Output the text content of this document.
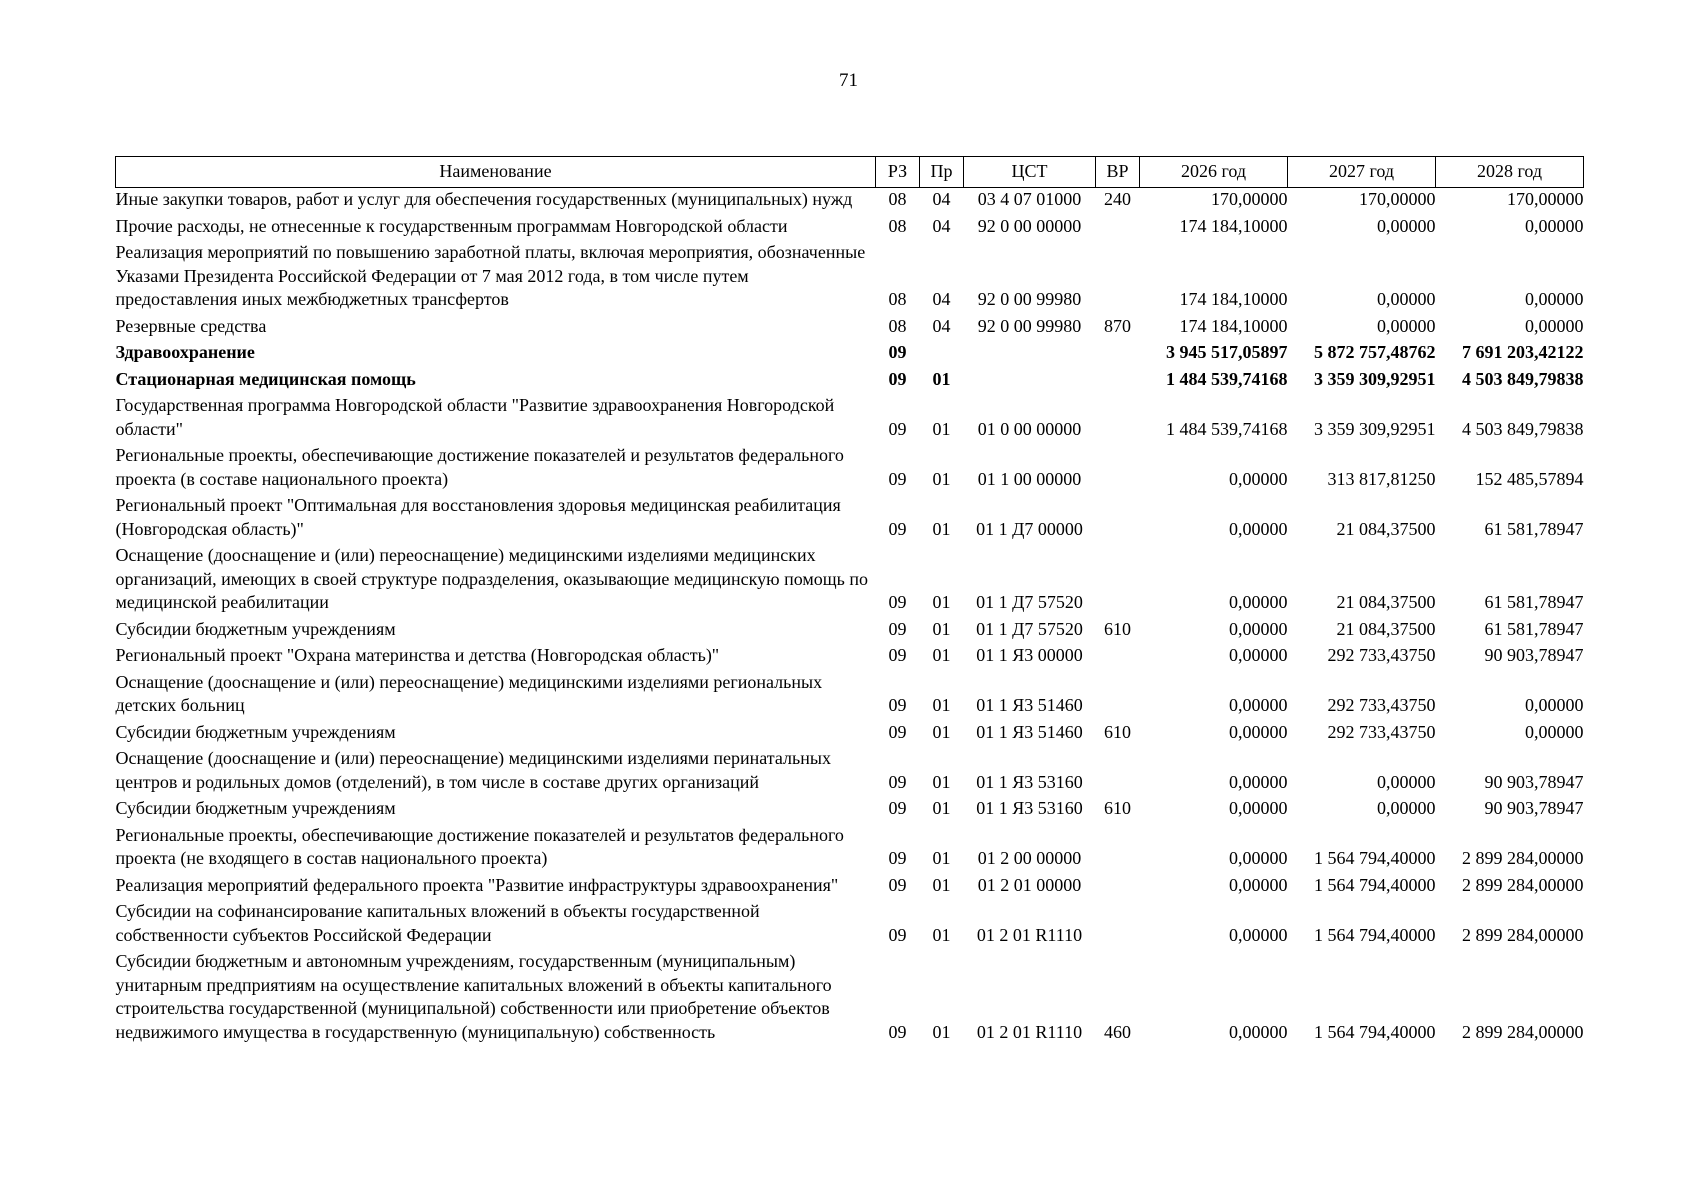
71
Наименование	РЗ	Пр	ЦСТ	ВР	2026 год	2027 год	2028 год
Иные закупки товаров, работ и услуг для обеспечения государственных (муниципальных) нужд	08	04	03 4 07 01000	240	170,00000	170,00000	170,00000
Прочие расходы, не отнесенные к государственным программам Новгородской области	08	04	92 0 00 00000		174 184,10000	0,00000	0,00000
Реализация мероприятий по повышению заработной платы, включая мероприятия, обозначенные Указами Президента Российской Федерации от 7 мая 2012 года, в том числе путем предоставления иных межбюджетных трансфертов	08	04	92 0 00 99980		174 184,10000	0,00000	0,00000
Резервные средства	08	04	92 0 00 99980	870	174 184,10000	0,00000	0,00000
Здравоохранение	09				3 945 517,05897	5 872 757,48762	7 691 203,42122
Стационарная медицинская помощь	09	01			1 484 539,74168	3 359 309,92951	4 503 849,79838
Государственная программа Новгородской области "Развитие здравоохранения Новгородской области"	09	01	01 0 00 00000		1 484 539,74168	3 359 309,92951	4 503 849,79838
Региональные проекты, обеспечивающие достижение показателей и результатов федерального проекта (в составе национального проекта)	09	01	01 1 00 00000		0,00000	313 817,81250	152 485,57894
Региональный проект "Оптимальная для восстановления здоровья медицинская реабилитация (Новгородская область)"	09	01	01 1 Д7 00000		0,00000	21 084,37500	61 581,78947
Оснащение (дооснащение и (или) переоснащение) медицинскими изделиями медицинских организаций, имеющих в своей структуре подразделения, оказывающие медицинскую помощь по медицинской реабилитации	09	01	01 1 Д7 57520		0,00000	21 084,37500	61 581,78947
Субсидии бюджетным учреждениям	09	01	01 1 Д7 57520	610	0,00000	21 084,37500	61 581,78947
Региональный проект "Охрана материнства и детства (Новгородская область)"	09	01	01 1 Я3 00000		0,00000	292 733,43750	90 903,78947
Оснащение (дооснащение и (или) переоснащение) медицинскими изделиями региональных детских больниц	09	01	01 1 Я3 51460		0,00000	292 733,43750	0,00000
Субсидии бюджетным учреждениям	09	01	01 1 Я3 51460	610	0,00000	292 733,43750	0,00000
Оснащение (дооснащение и (или) переоснащение) медицинскими изделиями перинатальных центров и родильных домов (отделений), в том числе в составе других организаций	09	01	01 1 Я3 53160		0,00000	0,00000	90 903,78947
Субсидии бюджетным учреждениям	09	01	01 1 Я3 53160	610	0,00000	0,00000	90 903,78947
Региональные проекты, обеспечивающие достижение показателей и результатов федерального проекта (не входящего в состав национального проекта)	09	01	01 2 00 00000		0,00000	1 564 794,40000	2 899 284,00000
Реализация мероприятий федерального проекта "Развитие инфраструктуры здравоохранения"	09	01	01 2 01 00000		0,00000	1 564 794,40000	2 899 284,00000
Субсидии на софинансирование капитальных вложений в объекты государственной собственности субъектов Российской Федерации	09	01	01 2 01 R1110		0,00000	1 564 794,40000	2 899 284,00000
Субсидии бюджетным и автономным учреждениям, государственным (муниципальным) унитарным предприятиям на осуществление капитальных вложений в объекты капитального строительства государственной (муниципальной) собственности или приобретение объектов недвижимого имущества в государственную (муниципальную) собственность	09	01	01 2 01 R1110	460	0,00000	1 564 794,40000	2 899 284,00000
